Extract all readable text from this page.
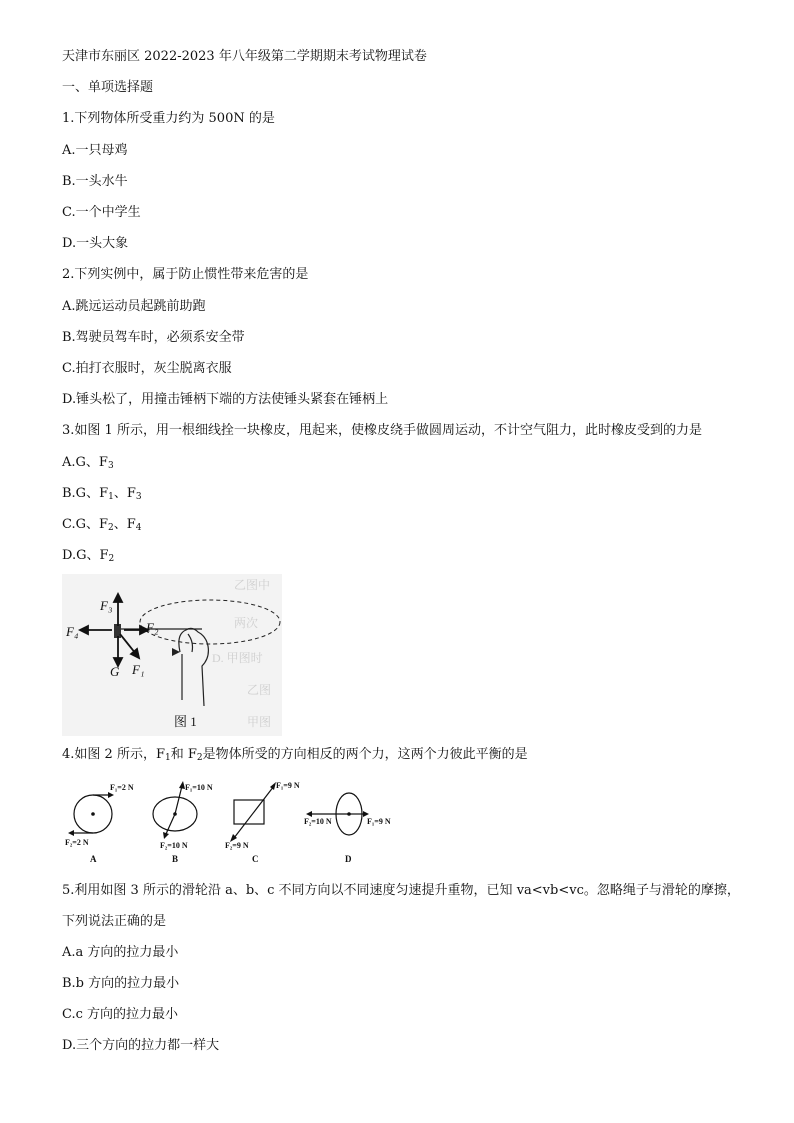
天津市东丽区 2022-2023 年八年级第二学期期末考试物理试卷
一、单项选择题
1.下列物体所受重力约为 500N 的是
A.一只母鸡
B.一头水牛
C.一个中学生
D.一头大象
2.下列实例中，属于防止惯性带来危害的是
A.跳远运动员起跳前助跑
B.驾驶员驾车时，必须系安全带
C.拍打衣服时，灰尘脱离衣服
D.锤头松了，用撞击锤柄下端的方法使锤头紧套在锤柄上
3.如图 1 所示，用一根细线拴一块橡皮，甩起来，使橡皮绕手做圆周运动，不计空气阻力，此时橡皮受到的力是
A.G、$F_3$
B.G、$F_1$、$F_3$
C.G、$F_2$、$F_4$
D.G、$F_2$
乙图中
两次
D. 甲图时
乙图
甲图
F₃
F₄	F₂
G F₁
图 1
4.如图 2 所示，$F_1$和 $F_2$是物体所受的方向相反的两个力，这两个力彼此平衡的是
F₁=2 N
F₂=2 N
A
F₁=10 N
F₂=10 N
B
F₁=9 N
F₂=9 N
C
F₂=10 N	F₁=9 N
D
5.利用如图 3 所示的滑轮沿 a、b、c 不同方向以不同速度匀速提升重物，已知 va<vb<vc。忽略绳子与滑轮的摩擦，
下列说法正确的是
A.a 方向的拉力最小
B.b 方向的拉力最小
C.c 方向的拉力最小
D.三个方向的拉力都一样大
